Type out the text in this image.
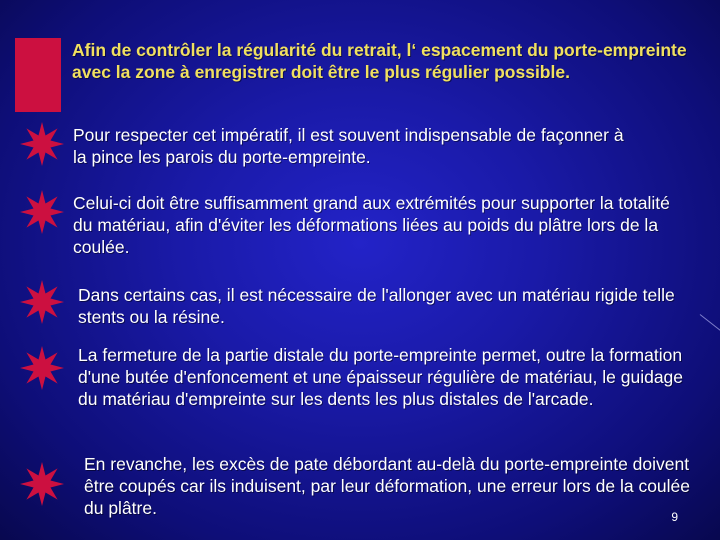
Afin de contrôler la régularité du retrait, l‘ espacement du porte-empreinte avec la zone à enregistrer doit être le plus régulier possible.
Pour respecter cet impératif, il est souvent indispensable de façonner à la pince les parois du porte-empreinte.
Celui-ci doit être suffisamment grand aux extrémités pour supporter la totalité du matériau, afin d'éviter les déformations liées au poids du plâtre lors de la coulée.
Dans certains cas, il est nécessaire de l'allonger avec un matériau rigide telle stents ou la résine.
La fermeture de la partie distale du porte-empreinte permet, outre la formation d'une butée d'enfoncement et une épaisseur régulière de matériau, le guidage du matériau d'empreinte sur les dents les plus distales de l'arcade.
En revanche, les excès de pate débordant au-delà du porte-empreinte doivent être coupés car ils induisent, par leur déformation, une erreur lors de la coulée du plâtre.	9
